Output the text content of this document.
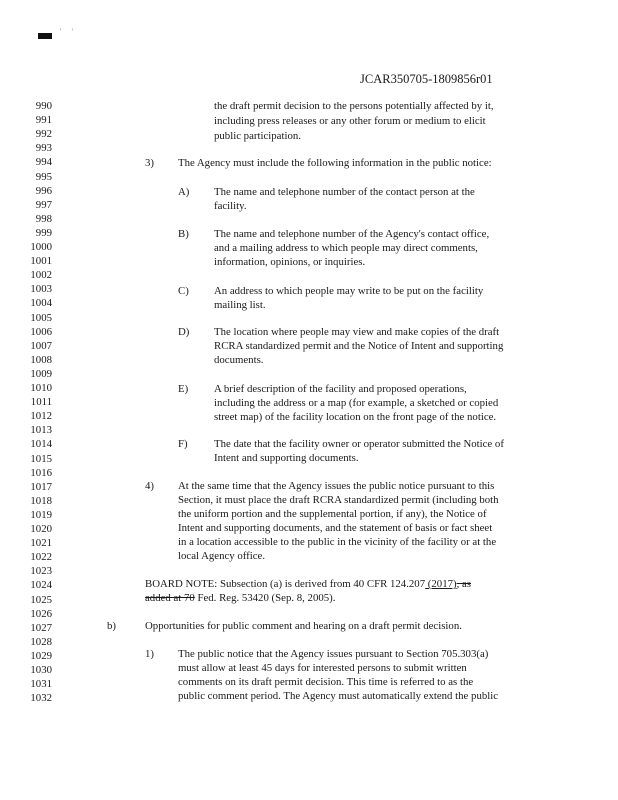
' '
JCAR350705-1809856r01
990
991
992
993
994
995
996
997
998
999
1000
1001
1002
1003
1004
1005
1006
1007
1008
1009
1010
1011
1012
1013
1014
1015
1016
1017
1018
1019
1020
1021
1022
1023
1024
1025
1026
1027
1028
1029
1030
1031
1032
the draft permit decision to the persons potentially affected by it,
including press releases or any other forum or medium to elicit
public participation.
3) The Agency must include the following information in the public notice:
A) The name and telephone number of the contact person at the
facility.
B) The name and telephone number of the Agency's contact office,
and a mailing address to which people may direct comments,
information, opinions, or inquiries.
C) An address to which people may write to be put on the facility
mailing list.
D) The location where people may view and make copies of the draft
RCRA standardized permit and the Notice of Intent and supporting
documents.
E) A brief description of the facility and proposed operations,
including the address or a map (for example, a sketched or copied
street map) of the facility location on the front page of the notice.
F) The date that the facility owner or operator submitted the Notice of
Intent and supporting documents.
4) At the same time that the Agency issues the public notice pursuant to this
Section, it must place the draft RCRA standardized permit (including both
the uniform portion and the supplemental portion, if any), the Notice of
Intent and supporting documents, and the statement of basis or fact sheet
in a location accessible to the public in the vicinity of the facility or at the
local Agency office.
BOARD NOTE: Subsection (a) is derived from 40 CFR 124.207 (2017), as
added at 70 Fed. Reg. 53420 (Sep. 8, 2005).
b)	Opportunities for public comment and hearing on a draft permit decision.
1) The public notice that the Agency issues pursuant to Section 705.303(a)
must allow at least 45 days for interested persons to submit written
comments on its draft permit decision. This time is referred to as the
public comment period. The Agency must automatically extend the public
